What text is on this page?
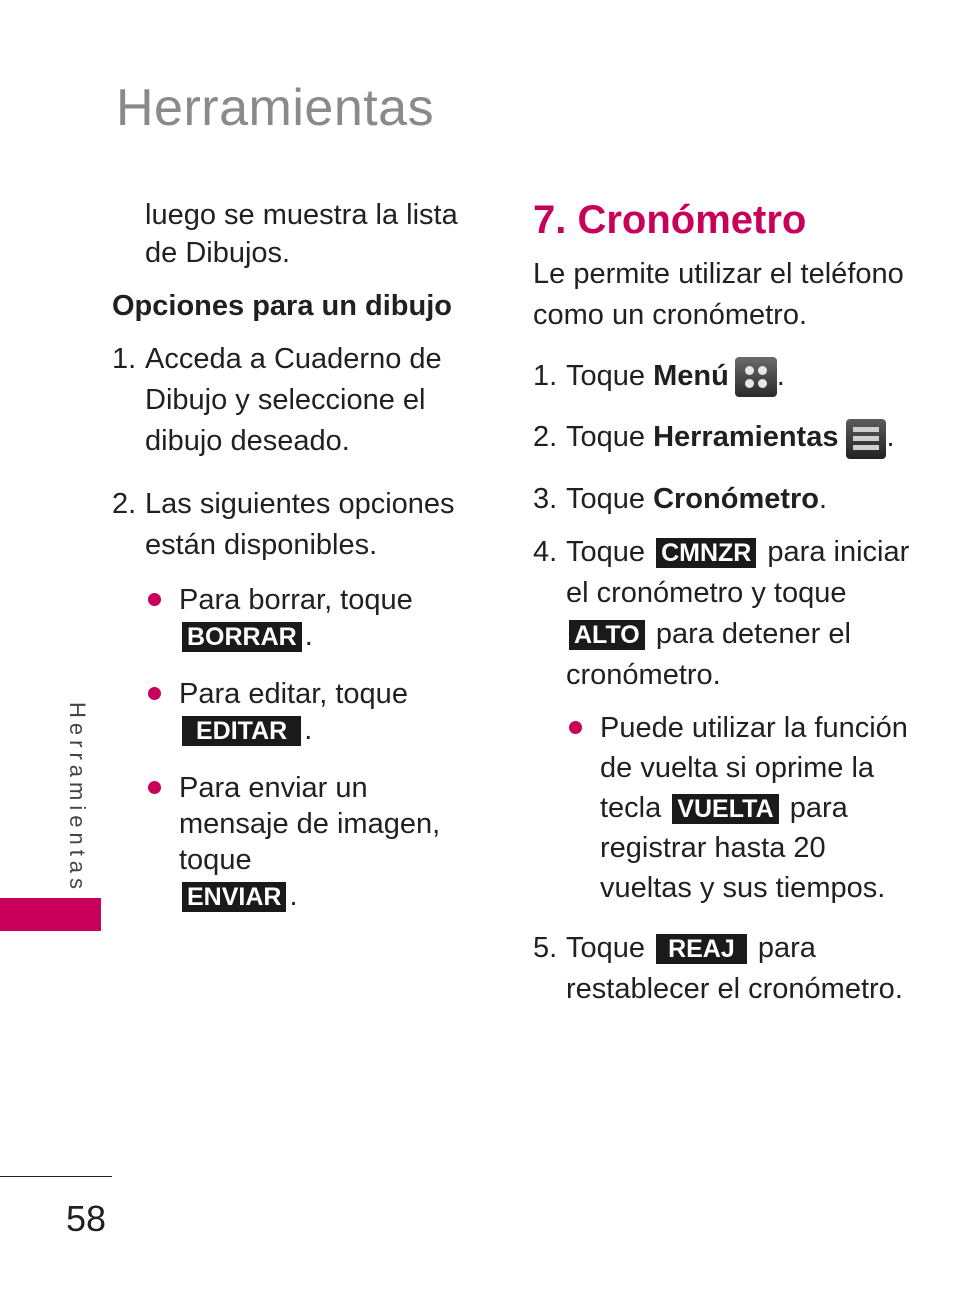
Herramientas

luego se muestra la lista de Dibujos.

Opciones para un dibujo

1. Acceda a Cuaderno de Dibujo y seleccione el dibujo deseado.
2. Las siguientes opciones están disponibles.
Para borrar, toque
BORRAR .
Para editar, toque
EDITAR .
Para enviar un mensaje de imagen, toque
ENVIAR .
7. Cronómetro

Le permite utilizar el teléfono como un cronómetro.

1. Toque Menú .
2. Toque Herramientas .
3. Toque Cronómetro.
4. Toque CMNZR para iniciar el cronómetro y toque ALTO para detener el cronómetro.
Puede utilizar la función de vuelta si oprime la tecla VUELTA para registrar hasta 20 vueltas y sus tiempos.
5. Toque REAJ para restablecer el cronómetro.
Herramientas
58
